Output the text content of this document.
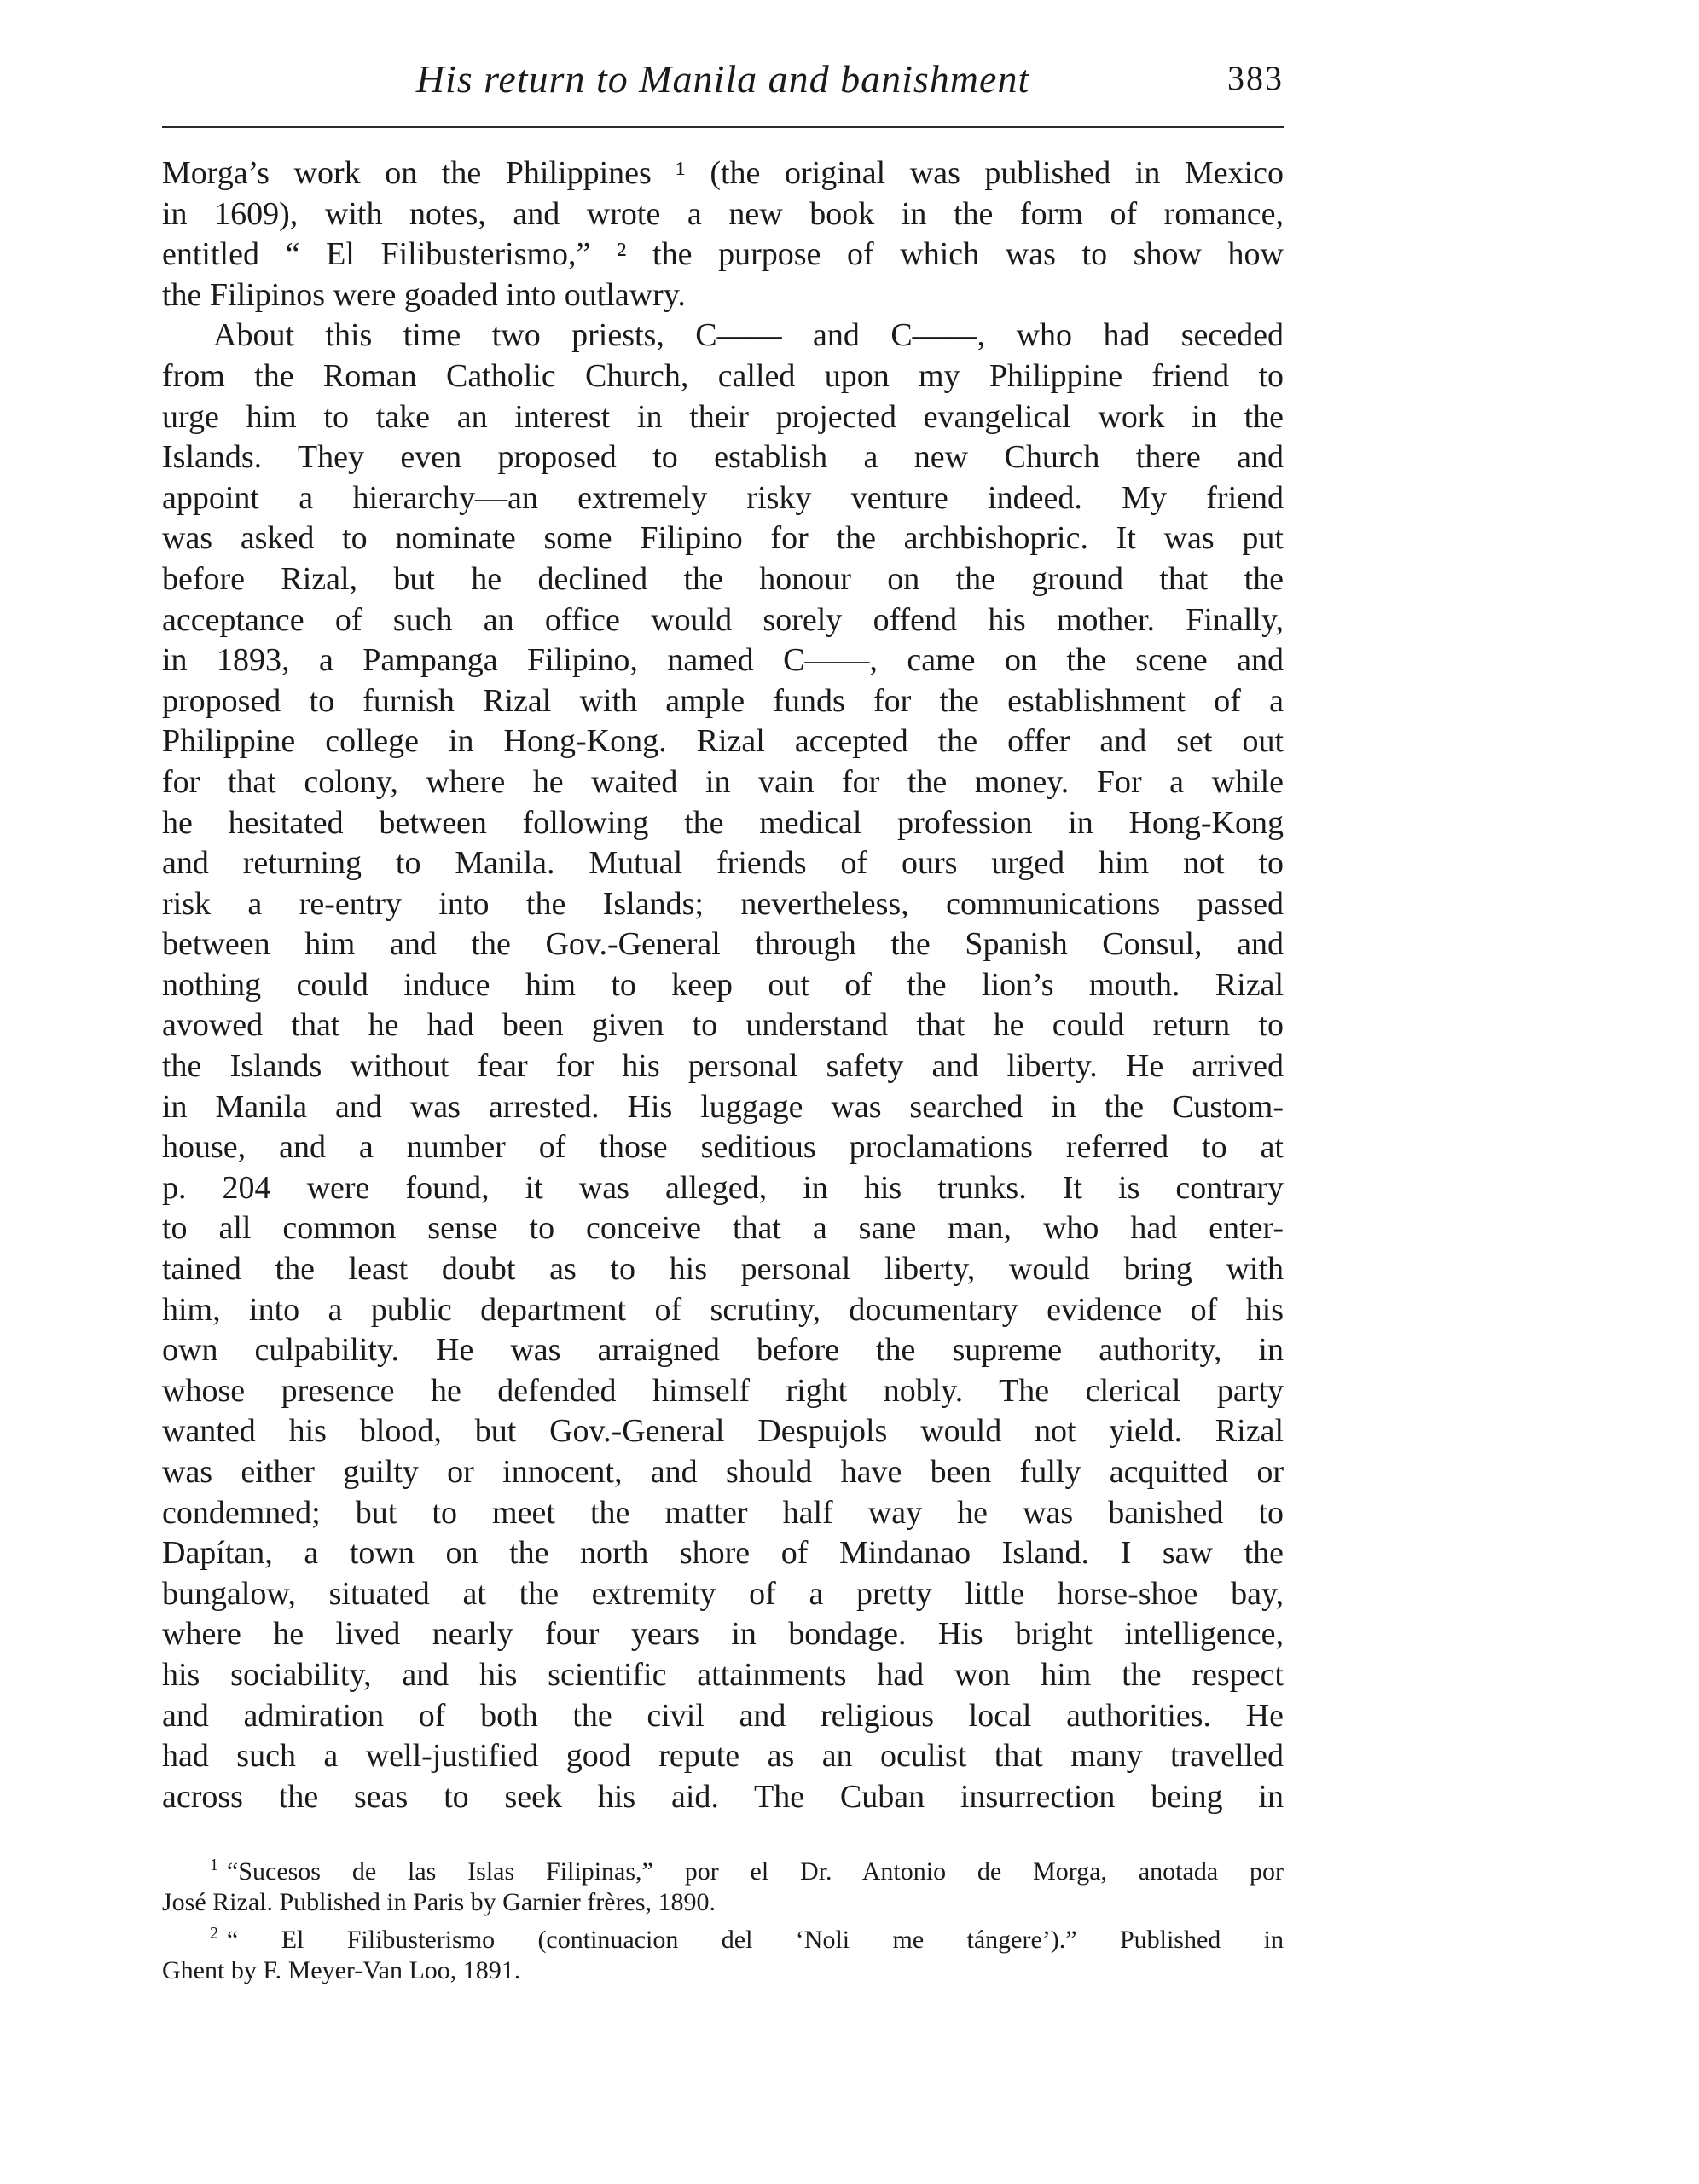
His return to Manila and banishment	383

Morga’s work on the Philippines ¹ (the original was published in Mexico

in 1609), with notes, and wrote a new book in the form of romance,

entitled “ El Filibusterismo,” ² the purpose of which was to show how

the Filipinos were goaded into outlawry.

About this time two priests, C—— and C——, who had seceded

from the Roman Catholic Church, called upon my Philippine friend to

urge him to take an interest in their projected evangelical work in the

Islands. They even proposed to establish a new Church there and

appoint a hierarchy—an extremely risky venture indeed. My friend

was asked to nominate some Filipino for the archbishopric. It was put

before Rizal, but he declined the honour on the ground that the

acceptance of such an office would sorely offend his mother. Finally,

in 1893, a Pampanga Filipino, named C——, came on the scene and

proposed to furnish Rizal with ample funds for the establishment of a

Philippine college in Hong-Kong. Rizal accepted the offer and set out

for that colony, where he waited in vain for the money. For a while

he hesitated between following the medical profession in Hong-Kong

and returning to Manila. Mutual friends of ours urged him not to

risk a re-entry into the Islands; nevertheless, communications passed

between him and the Gov.-General through the Spanish Consul, and

nothing could induce him to keep out of the lion’s mouth. Rizal

avowed that he had been given to understand that he could return to

the Islands without fear for his personal safety and liberty. He arrived

in Manila and was arrested. His luggage was searched in the Custom-

house, and a number of those seditious proclamations referred to at

p. 204 were found, it was alleged, in his trunks. It is contrary

to all common sense to conceive that a sane man, who had enter-

tained the least doubt as to his personal liberty, would bring with

him, into a public department of scrutiny, documentary evidence of his

own culpability. He was arraigned before the supreme authority, in

whose presence he defended himself right nobly. The clerical party

wanted his blood, but Gov.-General Despujols would not yield. Rizal

was either guilty or innocent, and should have been fully acquitted or

condemned; but to meet the matter half way he was banished to

Dapítan, a town on the north shore of Mindanao Island. I saw the

bungalow, situated at the extremity of a pretty little horse-shoe bay,

where he lived nearly four years in bondage. His bright intelligence,

his sociability, and his scientific attainments had won him the respect

and admiration of both the civil and religious local authorities. He

had such a well-justified good repute as an oculist that many travelled

across the seas to seek his aid. The Cuban insurrection being in

$^1$ “Sucesos de las Islas Filipinas,” por el Dr. Antonio de Morga, anotada por
José Rizal. Published in Paris by Garnier frères, 1890.

$^2$ “ El Filibusterismo (continuacion del ‘Noli me tángere’).” Published in
Ghent by F. Meyer-Van Loo, 1891.
